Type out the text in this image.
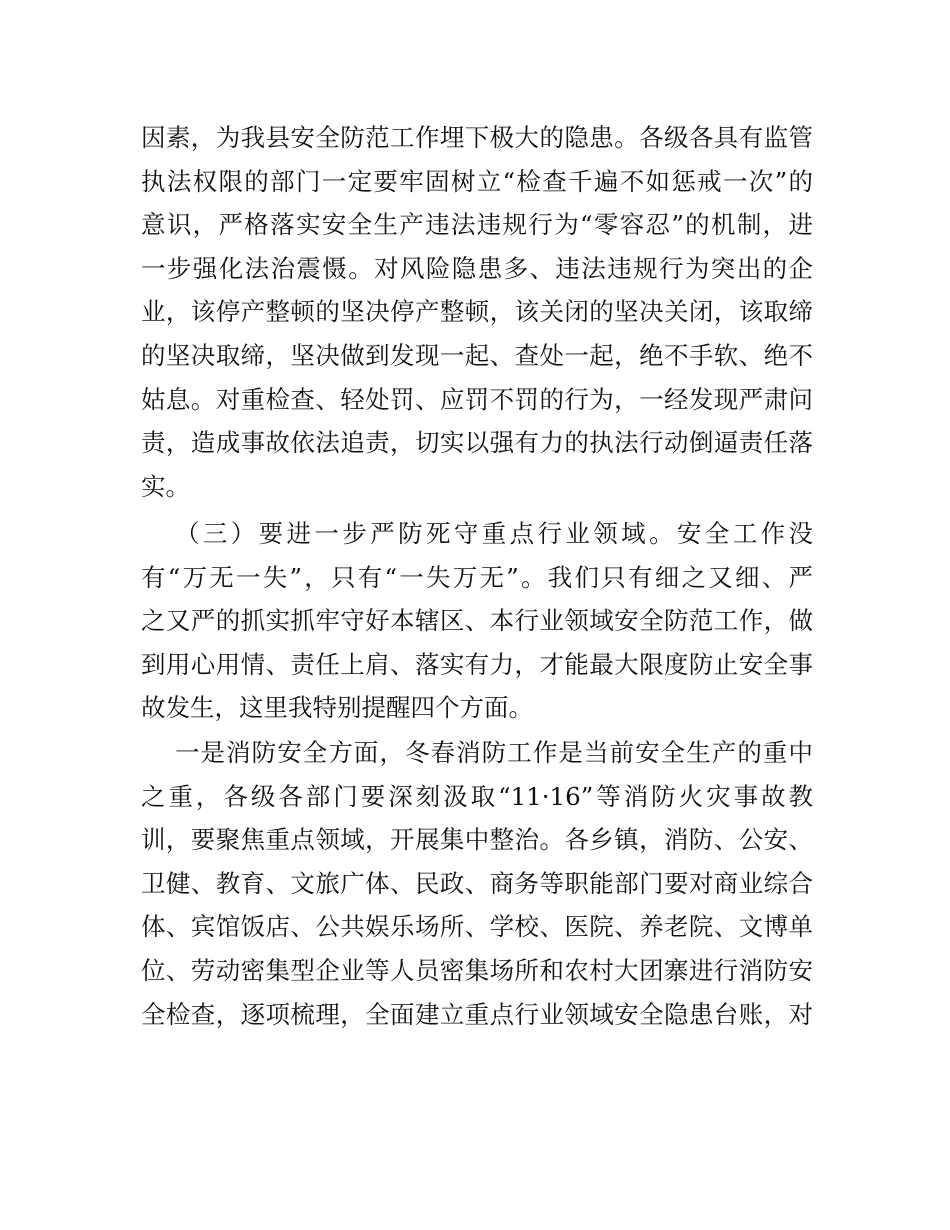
因素，为我县安全防范工作埋下极大的隐患。各级各具有监管
执法权限的部门一定要牢固树立“检查千遍不如惩戒一次”的
意识，严格落实安全生产违法违规行为“零容忍”的机制，进
一步强化法治震慑。对风险隐患多、违法违规行为突出的企
业，该停产整顿的坚决停产整顿，该关闭的坚决关闭，该取缔
的坚决取缔，坚决做到发现一起、查处一起，绝不手软、绝不
姑息。对重检查、轻处罚、应罚不罚的行为，一经发现严肃问
责，造成事故依法追责，切实以强有力的执法行动倒逼责任落
实。
（三）要进一步严防死守重点行业领域。安全工作没
有“万无一失”，只有“一失万无”。我们只有细之又细、严
之又严的抓实抓牢守好本辖区、本行业领域安全防范工作，做
到用心用情、责任上肩、落实有力，才能最大限度防止安全事
故发生，这里我特别提醒四个方面。
一是消防安全方面，冬春消防工作是当前安全生产的重中
之重，各级各部门要深刻汲取“11·16”等消防火灾事故教
训，要聚焦重点领域，开展集中整治。各乡镇，消防、公安、
卫健、教育、文旅广体、民政、商务等职能部门要对商业综合
体、宾馆饭店、公共娱乐场所、学校、医院、养老院、文博单
位、劳动密集型企业等人员密集场所和农村大团寨进行消防安
全检查，逐项梳理，全面建立重点行业领域安全隐患台账，对
